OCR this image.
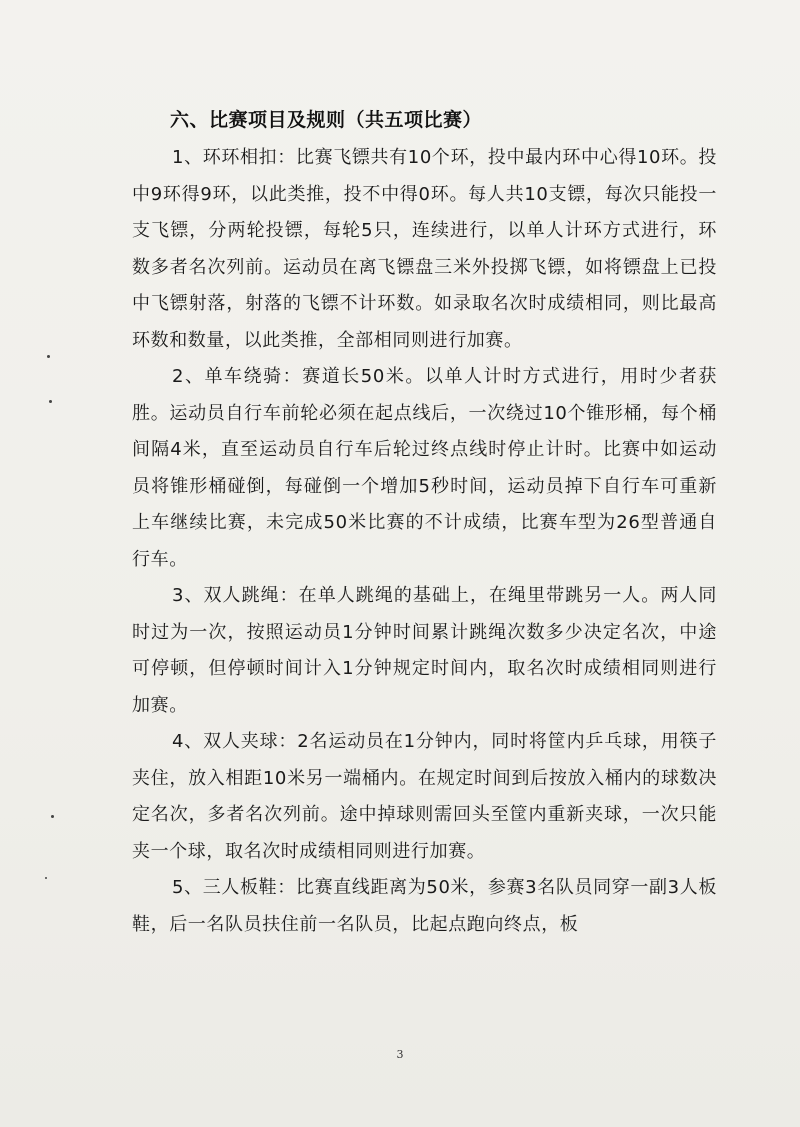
六、比赛项目及规则（共五项比赛）

1、环环相扣：比赛飞镖共有10个环，投中最内环中心得10环。投中9环得9环，以此类推，投不中得0环。每人共10支镖，每次只能投一支飞镖，分两轮投镖，每轮5只，连续进行，以单人计环方式进行，环数多者名次列前。运动员在离飞镖盘三米外投掷飞镖，如将镖盘上已投中飞镖射落，射落的飞镖不计环数。如录取名次时成绩相同，则比最高环数和数量，以此类推，全部相同则进行加赛。

2、单车绕骑：赛道长50米。以单人计时方式进行，用时少者获胜。运动员自行车前轮必须在起点线后，一次绕过10个锥形桶，每个桶间隔4米，直至运动员自行车后轮过终点线时停止计时。比赛中如运动员将锥形桶碰倒，每碰倒一个增加5秒时间，运动员掉下自行车可重新上车继续比赛，未完成50米比赛的不计成绩，比赛车型为26型普通自行车。

3、双人跳绳：在单人跳绳的基础上，在绳里带跳另一人。两人同时过为一次，按照运动员1分钟时间累计跳绳次数多少决定名次，中途可停顿，但停顿时间计入1分钟规定时间内，取名次时成绩相同则进行加赛。

4、双人夹球：2名运动员在1分钟内，同时将筐内乒乓球，用筷子夹住，放入相距10米另一端桶内。在规定时间到后按放入桶内的球数决定名次，多者名次列前。途中掉球则需回头至筐内重新夹球，一次只能夹一个球，取名次时成绩相同则进行加赛。

5、三人板鞋：比赛直线距离为50米，参赛3名队员同穿一副3人板鞋，后一名队员扶住前一名队员，比起点跑向终点，板

3
